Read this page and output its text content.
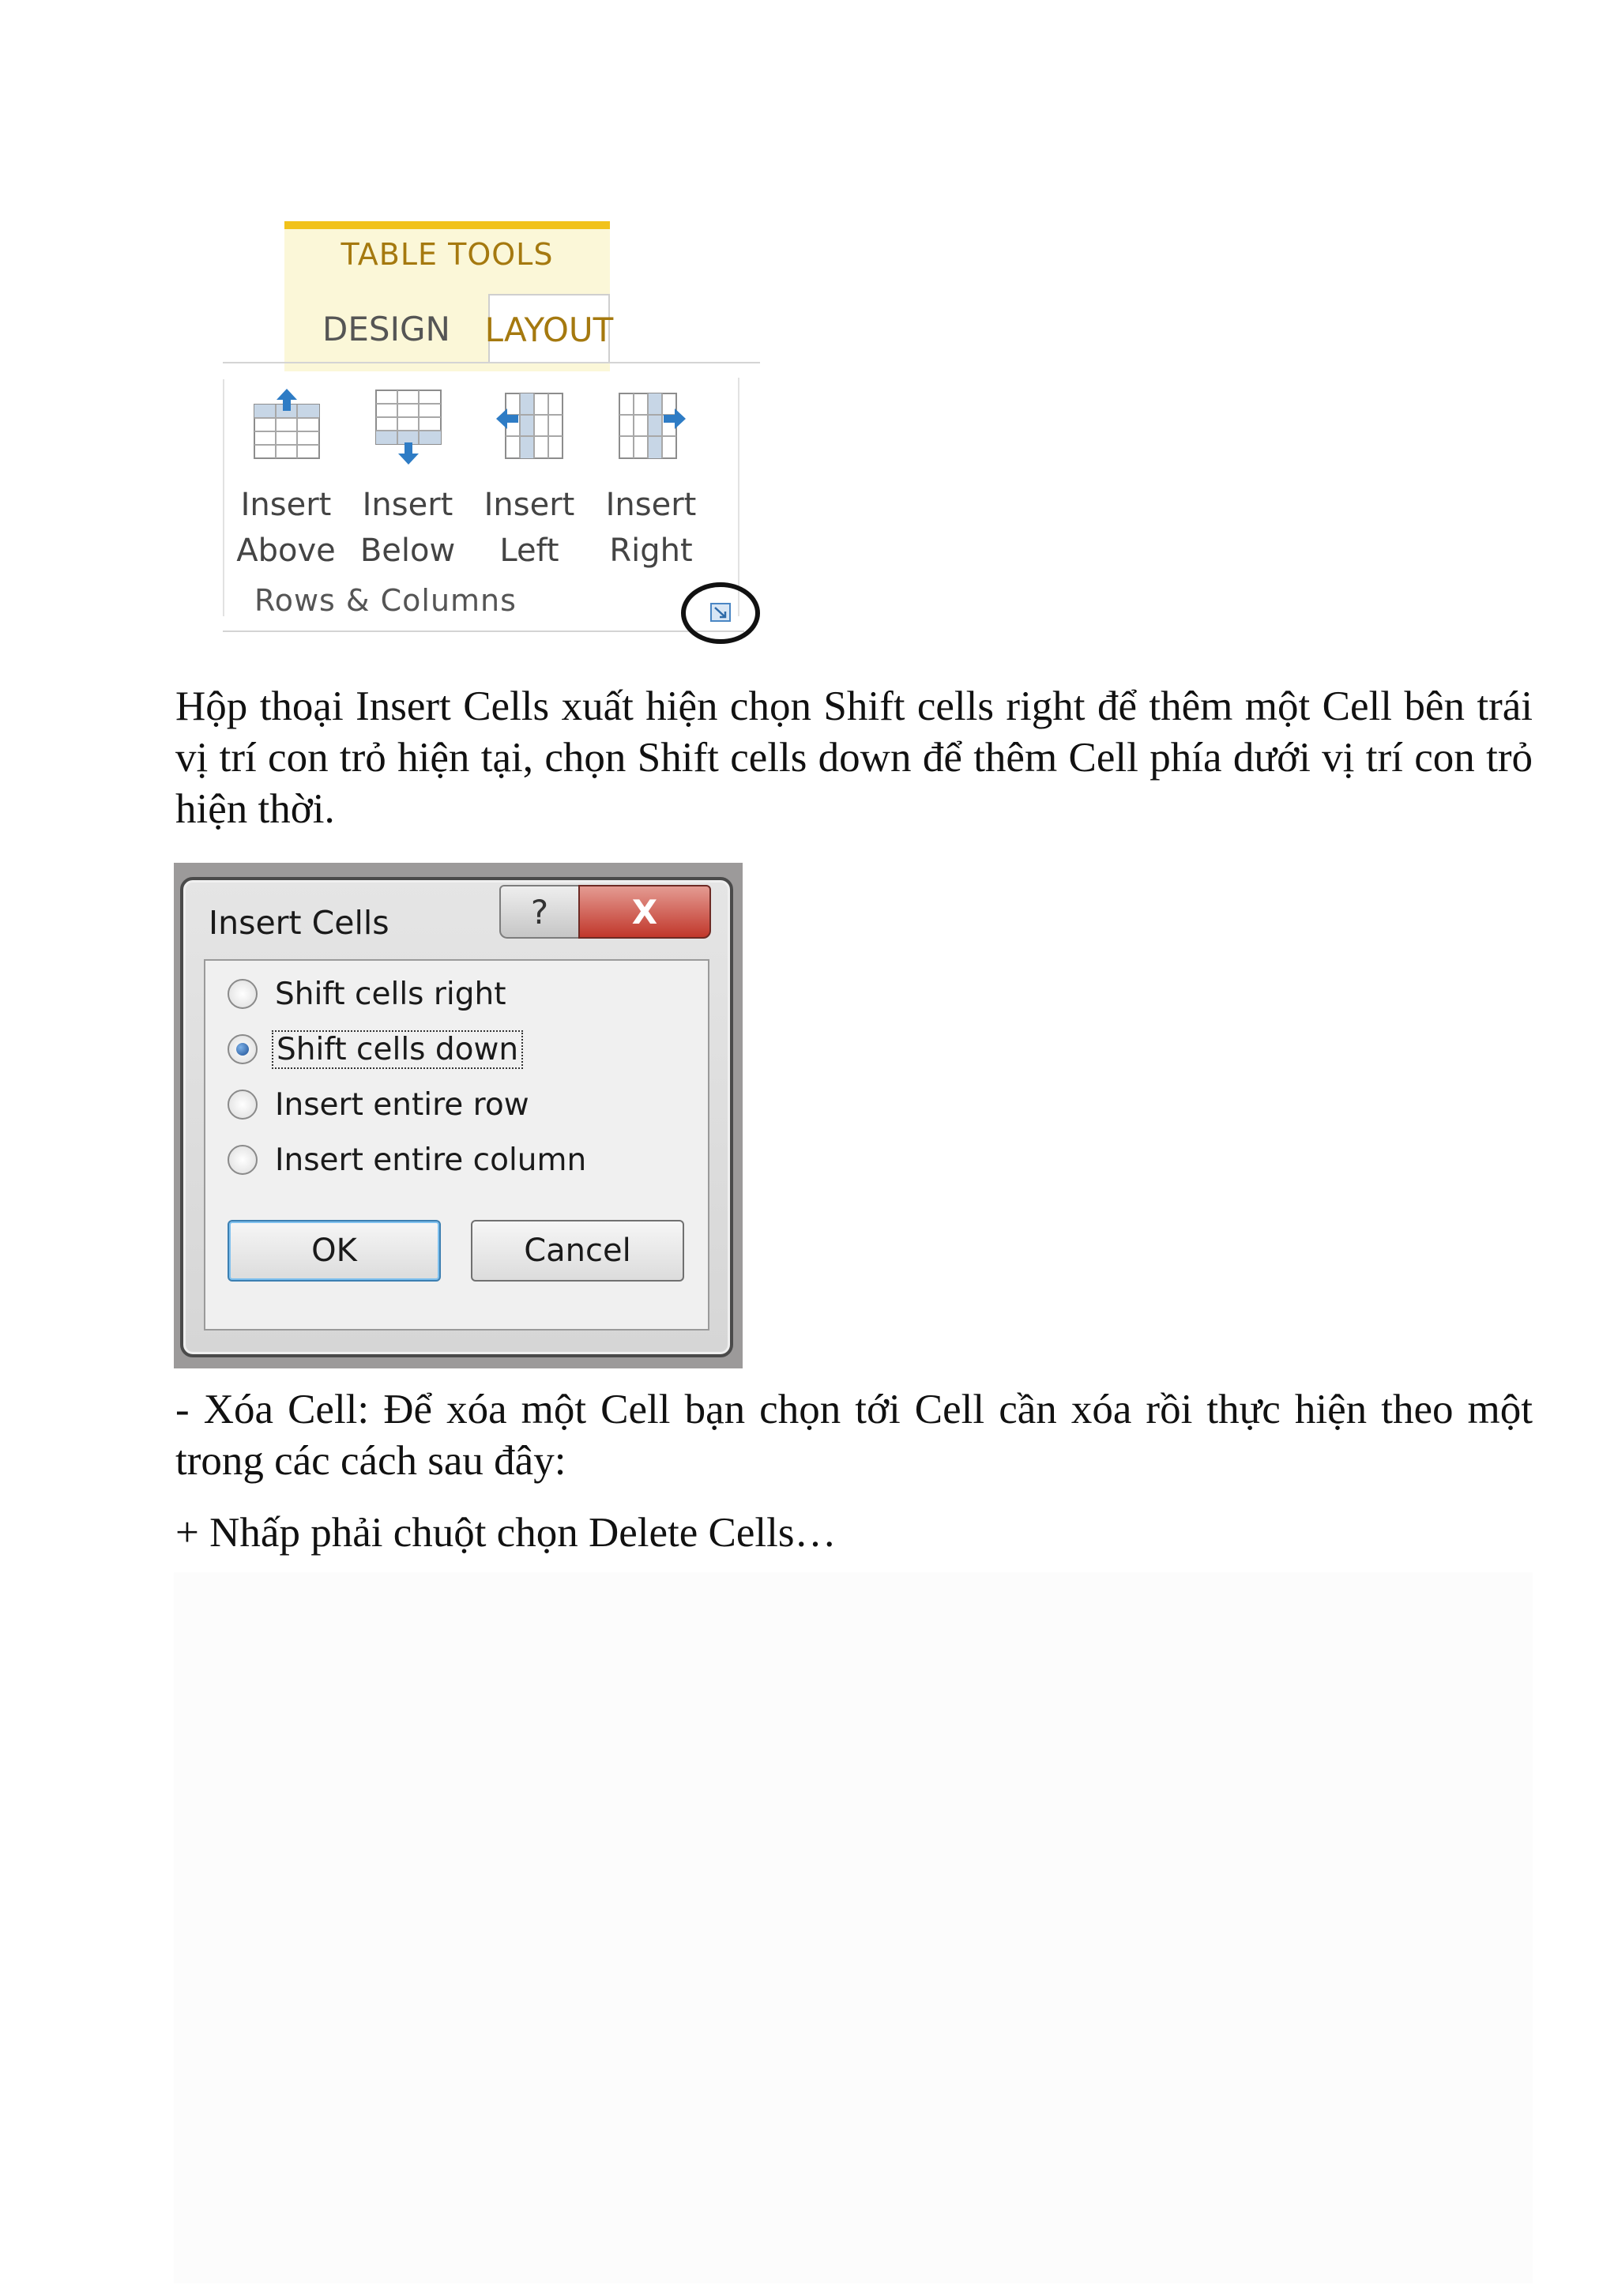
TABLE TOOLS
DESIGN	LAYOUT
Insert
Above
Insert
Below
Insert
Left
Insert
Right
Rows & Columns
Hộp thoại Insert Cells xuất hiện chọn Shift cells right để thêm một Cell bên trái vị trí con trỏ hiện tại, chọn Shift cells down để thêm Cell phía dưới vị trí con trỏ hiện thời.
Insert Cells	?	X
Shift cells right
Shift cells down
Insert entire row
Insert entire column
OK	Cancel
- Xóa Cell: Để xóa một Cell bạn chọn tới Cell cần xóa rồi thực hiện theo một trong các cách sau đây:
+ Nhấp phải chuột chọn Delete Cells…
